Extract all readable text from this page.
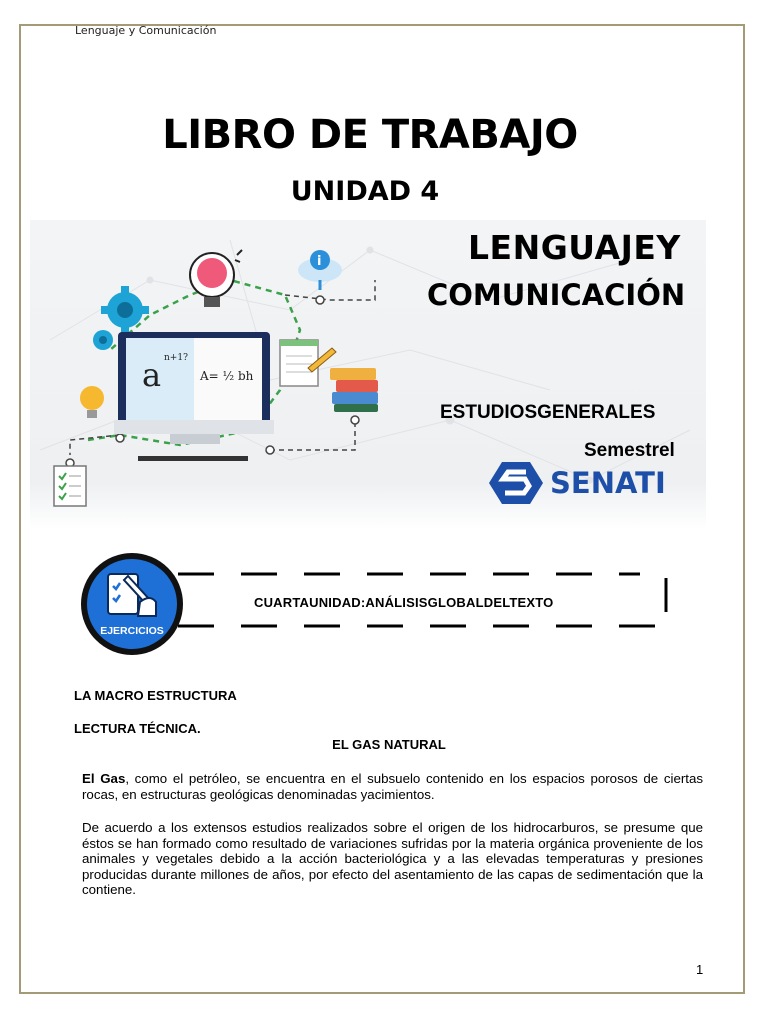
Lenguaje y Comunicación
LIBRO DE TRABAJO
UNIDAD 4
i
a n+1?
A= ½ bh
LENGUAJEY
COMUNICACIÓN
ESTUDIOSGENERALES
Semestrel
SENATI
EJERCICIOS
CUARTAUNIDAD:ANÁLISISGLOBALDELTEXTO
LA MACRO ESTRUCTURA
LECTURA TÉCNICA.
EL GAS NATURAL
El Gas, como el petróleo, se encuentra en el subsuelo contenido en los espacios porosos de ciertas rocas, en estructuras geológicas denominadas yacimientos.
De acuerdo a los extensos estudios realizados sobre el origen de los hidrocarburos, se presume que éstos se han formado como resultado de variaciones sufridas por la materia orgánica proveniente de los animales y vegetales debido a la acción bacteriológica y a las elevadas temperaturas y presiones producidas durante millones de años, por efecto del asentamiento de las capas de sedimentación que la contiene.
1
